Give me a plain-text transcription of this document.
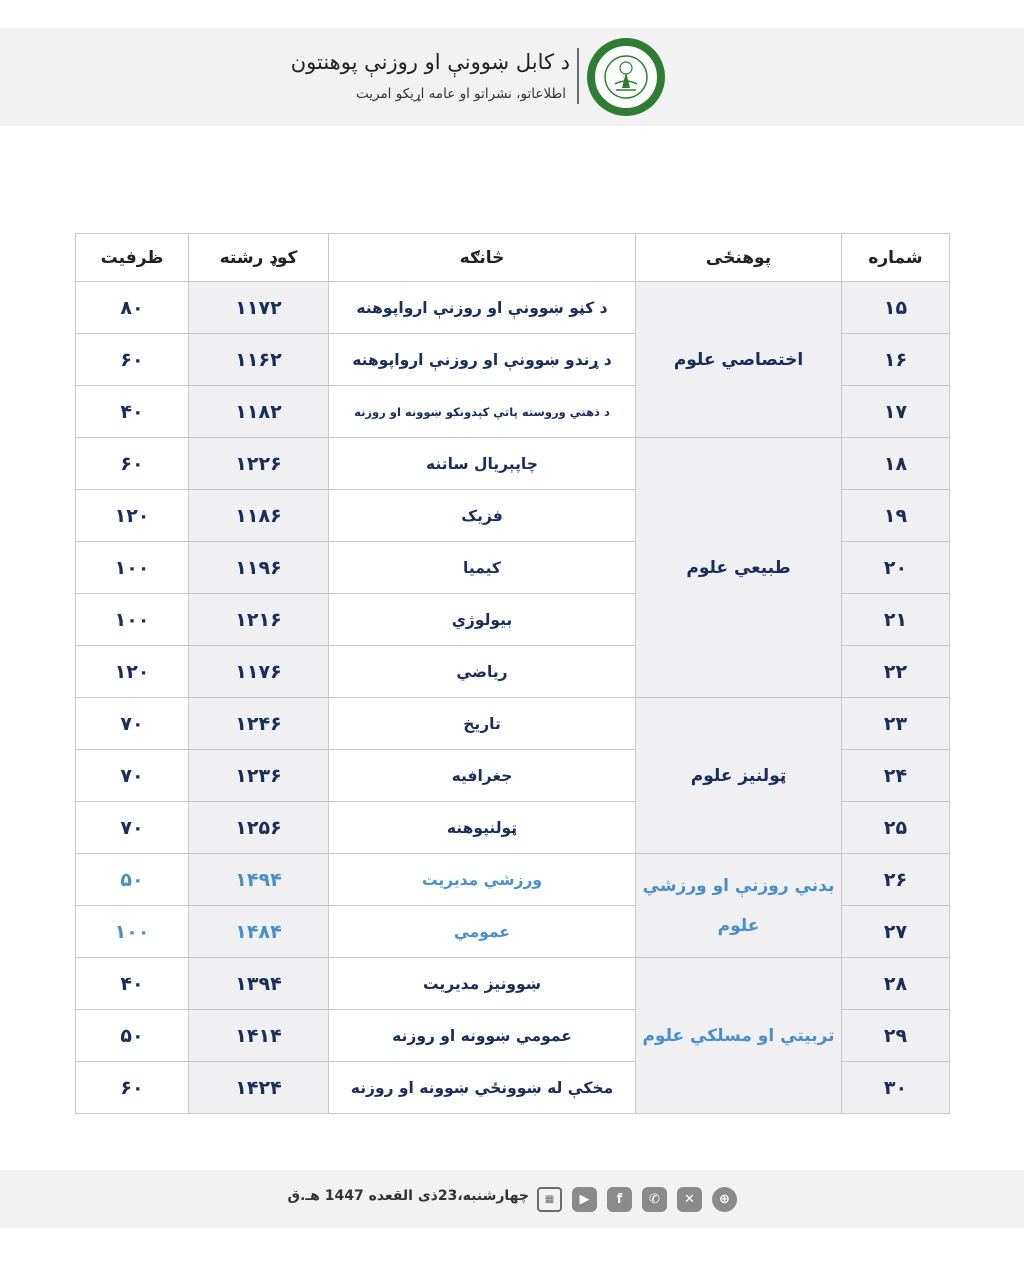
د کابل ښوونې او روزنې پوهنتون
اطلاعاتو، نشراتو او عامه اړیکو امریت
شماره	پوهنځی	څانګه	کوډ رشته	ظرفیت
۱۵	اختصاصي علوم	د کڼو ښوونې او روزنې ارواپوهنه	۱۱۷۲	۸۰
۱۶		د ړندو ښوونې او روزنې ارواپوهنه	۱۱۶۲	۶۰
۱۷		د ذهني وروسته پاتې کېدونکو ښوونه او روزنه	۱۱۸۲	۴۰
۱۸	طبیعي علوم	چاپېریال ساتنه	۱۲۲۶	۶۰
۱۹		فزیک	۱۱۸۶	۱۲۰
۲۰		کیمیا	۱۱۹۶	۱۰۰
۲۱		بیولوژي	۱۲۱۶	۱۰۰
۲۲		ریاضي	۱۱۷۶	۱۲۰
۲۳	ټولنیز علوم	تاریخ	۱۲۴۶	۷۰
۲۴		جغرافیه	۱۲۳۶	۷۰
۲۵		ټولنپوهنه	۱۲۵۶	۷۰
۲۶	بدني روزنې او ورزشي علوم	ورزشي مدیریت	۱۴۹۴	۵۰
۲۷		عمومي	۱۴۸۴	۱۰۰
۲۸	تربیتي او مسلکي علوم	ښوونیز مدیریت	۱۳۹۴	۴۰
۲۹		عمومي ښوونه او روزنه	۱۴۱۴	۵۰
۳۰		مخکې له ښوونځي ښوونه او روزنه	۱۴۲۴	۶۰
چهارشنبه،23ذی القعده 1447 هـ.ق	▦	▶	f	✆	✕	⊕
